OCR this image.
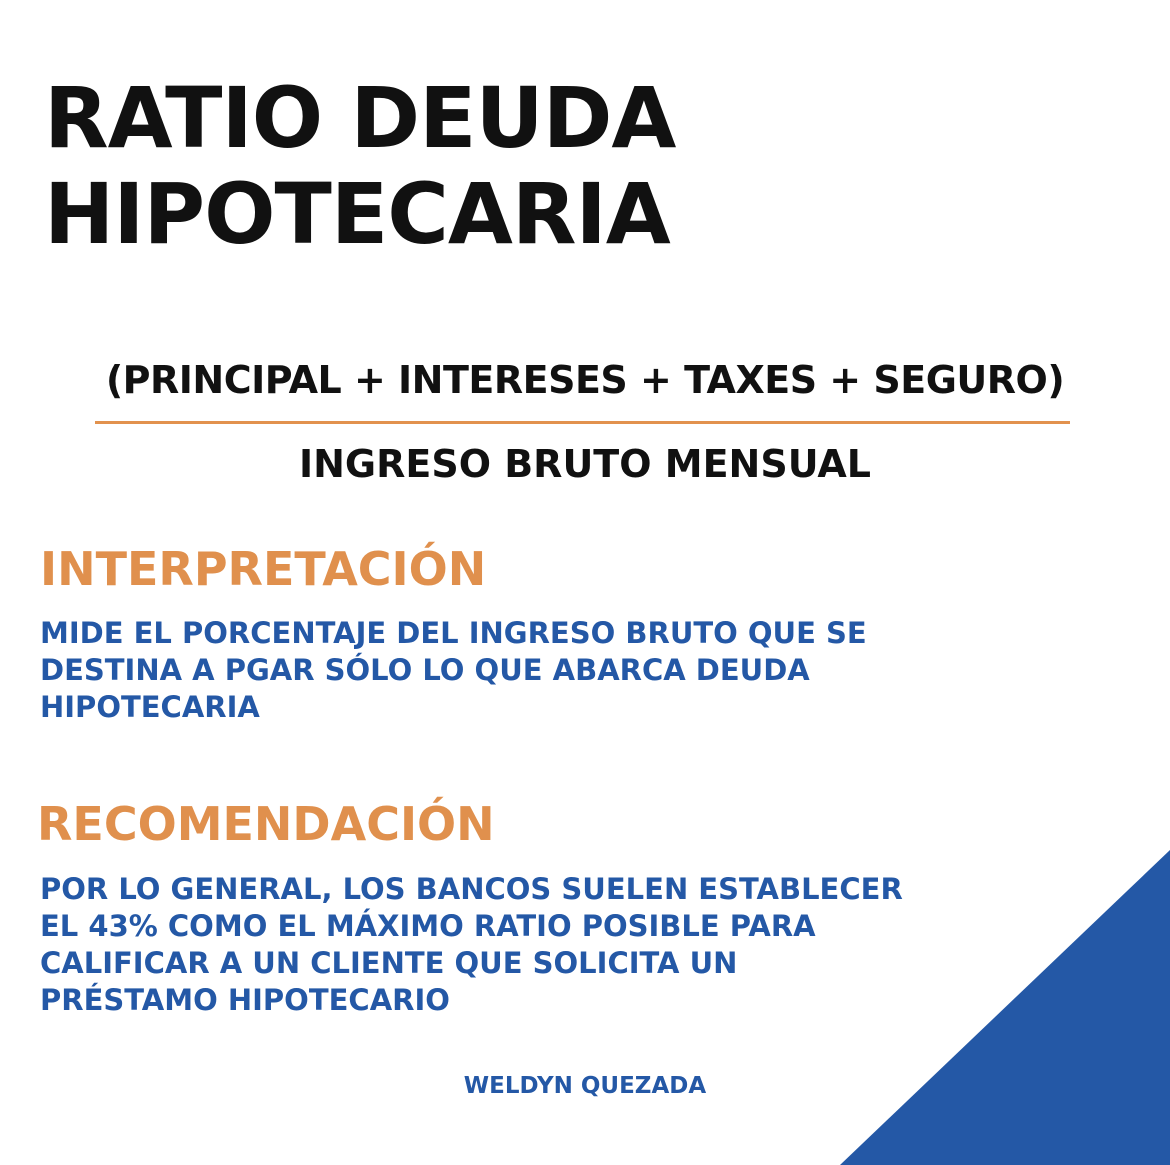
RATIO DEUDA
HIPOTECARIA
(PRINCIPAL + INTERESES + TAXES + SEGURO)
INGRESO BRUTO MENSUAL
INTERPRETACIÓN

MIDE EL PORCENTAJE DEL INGRESO BRUTO QUE SE
DESTINA A PGAR SÓLO LO QUE ABARCA DEUDA
HIPOTECARIA

RECOMENDACIÓN

POR LO GENERAL, LOS BANCOS SUELEN ESTABLECER
EL 43% COMO EL MÁXIMO RATIO POSIBLE PARA
CALIFICAR A UN CLIENTE QUE SOLICITA UN
PRÉSTAMO HIPOTECARIO

WELDYN QUEZADA
